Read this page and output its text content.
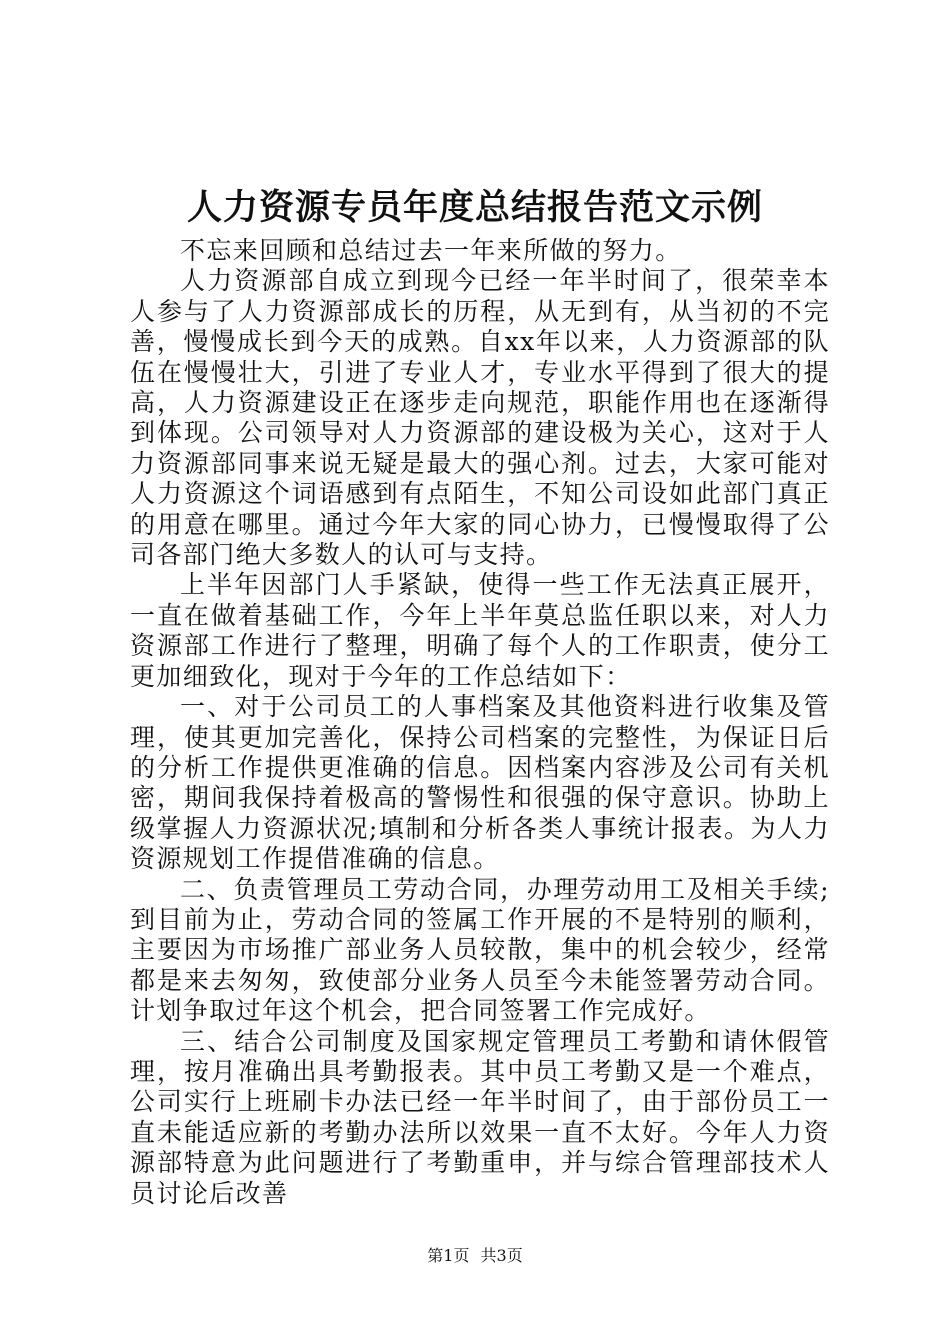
人力资源专员年度总结报告范文示例

不忘来回顾和总结过去一年来所做的努力。

人力资源部自成立到现今已经一年半时间了，很荣幸本人参与了人力资源部成长的历程，从无到有，从当初的不完善，慢慢成长到今天的成熟。自xx年以来，人力资源部的队伍在慢慢壮大，引进了专业人才，专业水平得到了很大的提高，人力资源建设正在逐步走向规范，职能作用也在逐渐得到体现。公司领导对人力资源部的建设极为关心，这对于人力资源部同事来说无疑是最大的强心剂。过去，大家可能对人力资源这个词语感到有点陌生，不知公司设如此部门真正的用意在哪里。通过今年大家的同心协力，已慢慢取得了公司各部门绝大多数人的认可与支持。

上半年因部门人手紧缺，使得一些工作无法真正展开，一直在做着基础工作，今年上半年莫总监任职以来，对人力资源部工作进行了整理，明确了每个人的工作职责，使分工更加细致化，现对于今年的工作总结如下：

一、对于公司员工的人事档案及其他资料进行收集及管理，使其更加完善化，保持公司档案的完整性，为保证日后的分析工作提供更准确的信息。因档案内容涉及公司有关机密，期间我保持着极高的警惕性和很强的保守意识。协助上级掌握人力资源状况;填制和分析各类人事统计报表。为人力资源规划工作提借准确的信息。

二、负责管理员工劳动合同，办理劳动用工及相关手续;到目前为止，劳动合同的签属工作开展的不是特别的顺利，主要因为市场推广部业务人员较散，集中的机会较少，经常都是来去匆匆，致使部分业务人员至今未能签署劳动合同。计划争取过年这个机会，把合同签署工作完成好。

三、结合公司制度及国家规定管理员工考勤和请休假管理，按月准确出具考勤报表。其中员工考勤又是一个难点，公司实行上班刷卡办法已经一年半时间了，由于部份员工一直未能适应新的考勤办法所以效果一直不太好。今年人力资源部特意为此问题进行了考勤重申，并与综合管理部技术人员讨论后改善

第1页 共3页
